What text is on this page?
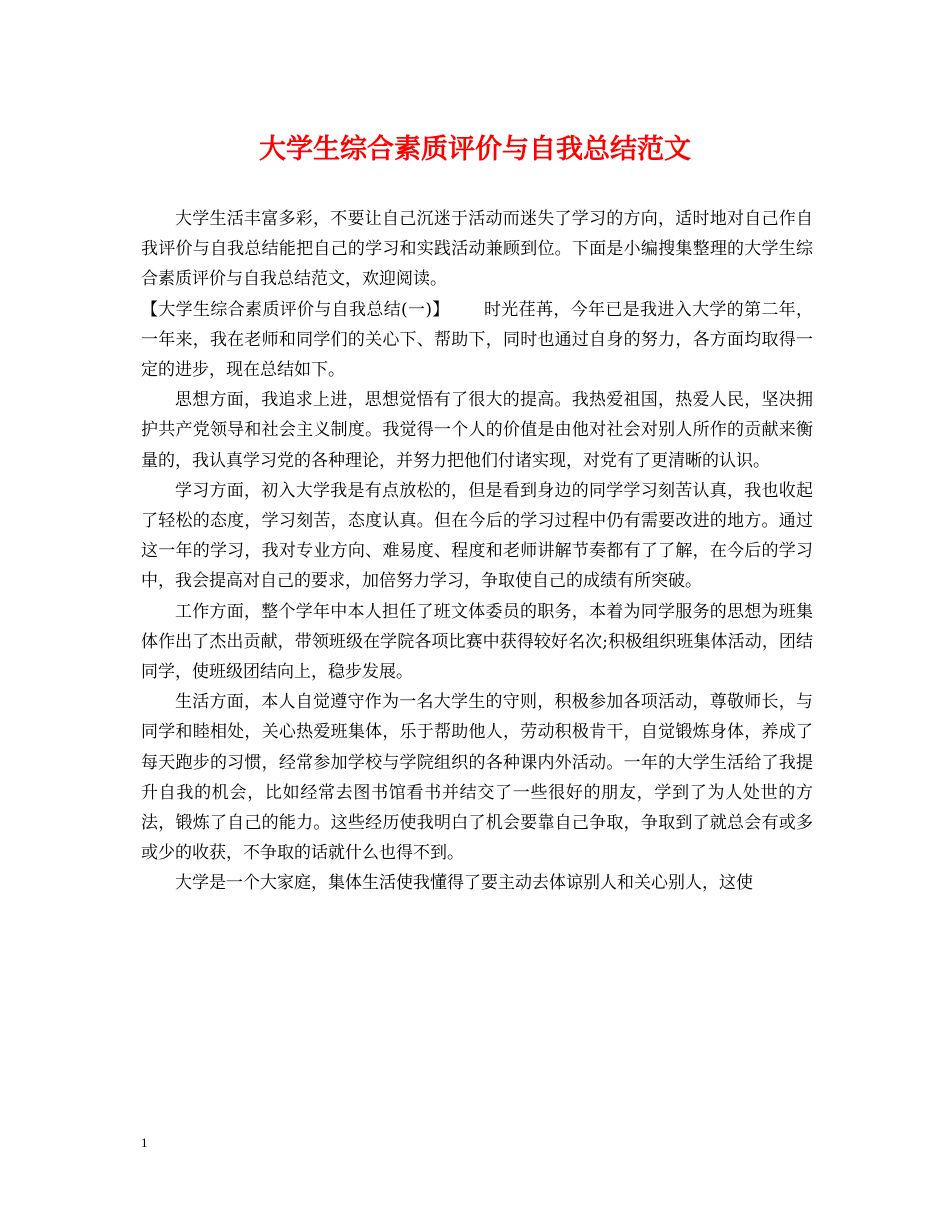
大学生综合素质评价与自我总结范文

大学生活丰富多彩，不要让自己沉迷于活动而迷失了学习的方向，适时地对自己作自我评价与自我总结能把自己的学习和实践活动兼顾到位。下面是小编搜集整理的大学生综合素质评价与自我总结范文，欢迎阅读。

【大学生综合素质评价与自我总结(一)】 时光荏苒，今年已是我进入大学的第二年，一年来，我在老师和同学们的关心下、帮助下，同时也通过自身的努力，各方面均取得一定的进步，现在总结如下。

思想方面，我追求上进，思想觉悟有了很大的提高。我热爱祖国，热爱人民，坚决拥护共产党领导和社会主义制度。我觉得一个人的价值是由他对社会对别人所作的贡献来衡量的，我认真学习党的各种理论，并努力把他们付诸实现，对党有了更清晰的认识。

学习方面，初入大学我是有点放松的，但是看到身边的同学学习刻苦认真，我也收起了轻松的态度，学习刻苦，态度认真。但在今后的学习过程中仍有需要改进的地方。通过这一年的学习，我对专业方向、难易度、程度和老师讲解节奏都有了了解，在今后的学习中，我会提高对自己的要求，加倍努力学习，争取使自己的成绩有所突破。

工作方面，整个学年中本人担任了班文体委员的职务，本着为同学服务的思想为班集体作出了杰出贡献，带领班级在学院各项比赛中获得较好名次;积极组织班集体活动，团结同学，使班级团结向上，稳步发展。

生活方面，本人自觉遵守作为一名大学生的守则，积极参加各项活动，尊敬师长，与同学和睦相处，关心热爱班集体，乐于帮助他人，劳动积极肯干，自觉锻炼身体，养成了每天跑步的习惯，经常参加学校与学院组织的各种课内外活动。一年的大学生活给了我提升自我的机会，比如经常去图书馆看书并结交了一些很好的朋友，学到了为人处世的方法，锻炼了自己的能力。这些经历使我明白了机会要靠自己争取，争取到了就总会有或多或少的收获，不争取的话就什么也得不到。

大学是一个大家庭，集体生活使我懂得了要主动去体谅别人和关心别人，这使

1
